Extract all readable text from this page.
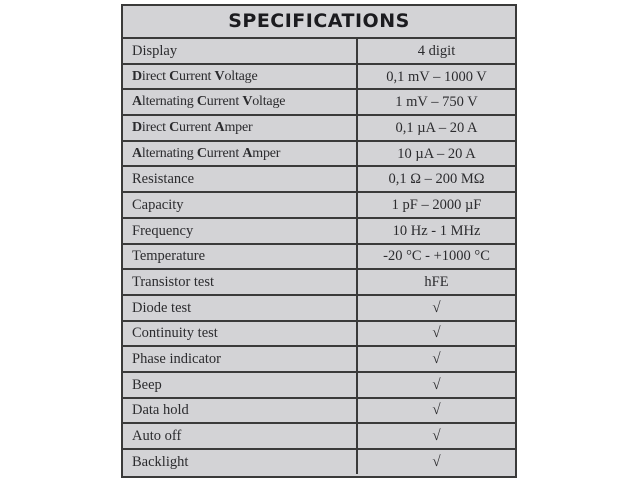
SPECIFICATIONS
Display	4 digit
Direct Current Voltage	0,1 mV – 1000 V
Alternating Current Voltage	1 mV – 750 V
Direct Current Amper	0,1 µA – 20 A
Alternating Current Amper	10 µA – 20 A
Resistance	0,1 Ω – 200 MΩ
Capacity	1 pF – 2000 µF
Frequency	10 Hz - 1 MHz
Temperature	-20 °C - +1000 °C
Transistor test	hFE
Diode test	√
Continuity test	√
Phase indicator	√
Beep	√
Data hold	√
Auto off	√
Backlight	√
